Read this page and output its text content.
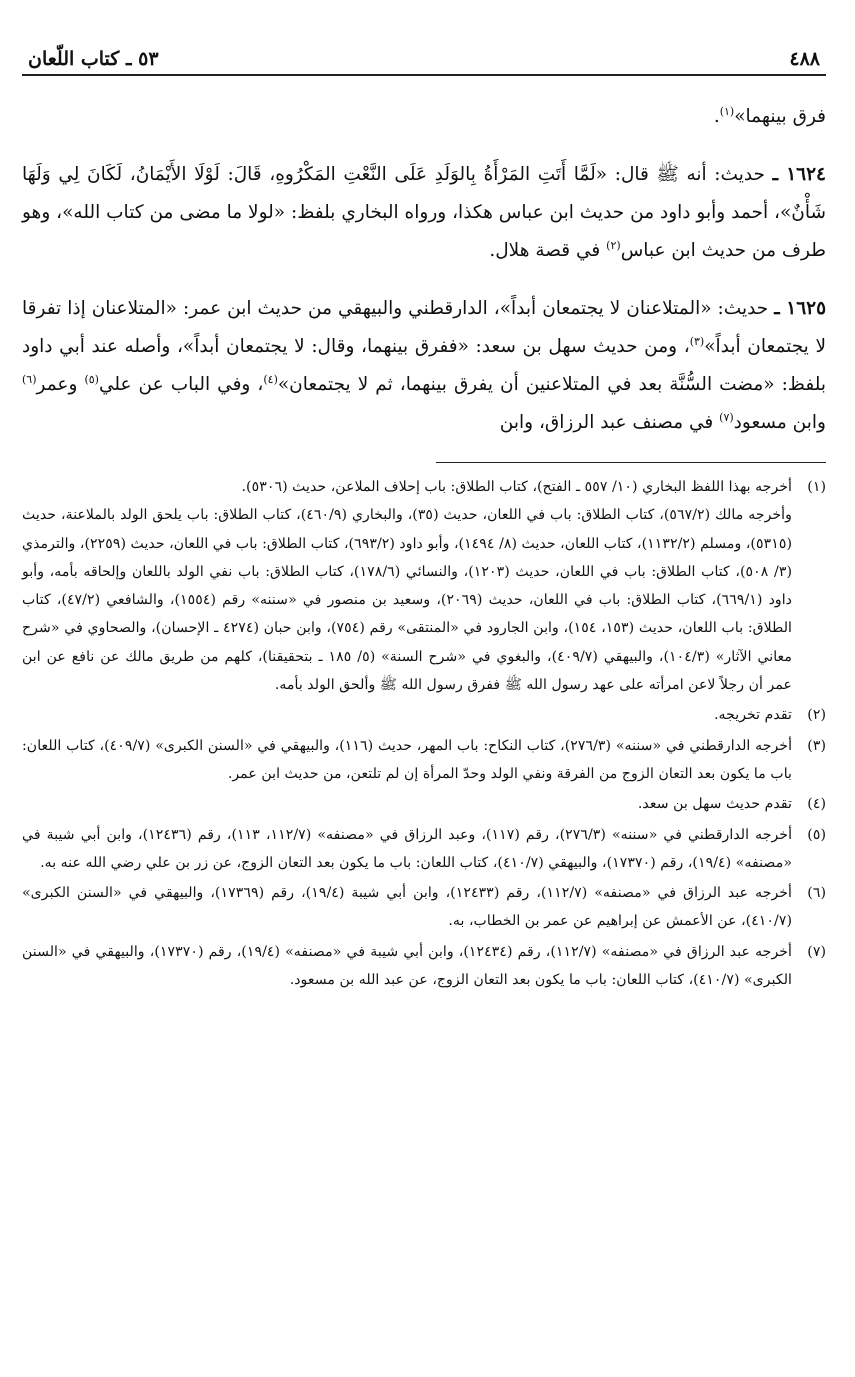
٤٨٨
٥٣ ـ كتاب اللّعان

فرق بينهما»$^{(١)}$.

١٦٢٤ ـ حديث: أنه ﷺ قال: «لَمَّا أَتَتِ المَرْأَةُ بِالوَلَدِ عَلَى النَّعْتِ المَكْرُوهِ، قَالَ: لَوْلَا الأَيْمَانُ، لَكَانَ لِي وَلَهَا شَأْنٌ»، أحمد وأبو داود من حديث ابن عباس هكذا، ورواه البخاري بلفظ: «لولا ما مضى من كتاب الله»، وهو طرف من حديث ابن عباس$^{(٢)}$ في قصة هلال.

١٦٢٥ ـ حديث: «المتلاعنان لا يجتمعان أبداً»، الدارقطني والبيهقي من حديث ابن عمر: «المتلاعنان إذا تفرقا لا يجتمعان أبداً»$^{(٣)}$، ومن حديث سهل بن سعد: «ففرق بينهما، وقال: لا يجتمعان أبداً»، وأصله عند أبي داود بلفظ: «مضت السُّنَّة بعد في المتلاعنين أن يفرق بينهما، ثم لا يجتمعان»$^{(٤)}$، وفي الباب عن علي$^{(٥)}$ وعمر$^{(٦)}$ وابن مسعود$^{(٧)}$ في مصنف عبد الرزاق، وابن

(١)

أخرجه بهذا اللفظ البخاري (١٠/ ٥٥٧ ـ الفتح)، كتاب الطلاق: باب إحلاف الملاعن، حديث (٥٣٠٦).

وأخرجه مالك (٥٦٧/٢)، كتاب الطلاق: باب في اللعان، حديث (٣٥)، والبخاري (٤٦٠/٩)، كتاب الطلاق: باب يلحق الولد بالملاعنة، حديث (٥٣١٥)، ومسلم (١١٣٢/٢)، كتاب اللعان، حديث (٨/ ١٤٩٤)، وأبو داود (٦٩٣/٢)، كتاب الطلاق: باب في اللعان، حديث (٢٢٥٩)، والترمذي (٣/ ٥٠٨)، كتاب الطلاق: باب في اللعان، حديث (١٢٠٣)، والنسائي (١٧٨/٦)، كتاب الطلاق: باب نفي الولد باللعان وإلحاقه بأمه، وأبو داود (٦٦٩/١)، كتاب الطلاق: باب في اللعان، حديث (٢٠٦٩)، وسعيد بن منصور في «سننه» رقم (١٥٥٤)، والشافعي (٤٧/٢)، كتاب الطلاق: باب اللعان، حديث (١٥٣، ١٥٤)، وابن الجارود في «المنتقى» رقم (٧٥٤)، وابن حبان (٤٢٧٤ ـ الإحسان)، والصحاوي في «شرح معاني الآثار» (١٠٤/٣)، والبيهقي (٤٠٩/٧)، والبغوي في «شرح السنة» (٥/ ١٨٥ ـ بتحقيقنا)، كلهم من طريق مالك عن نافع عن ابن عمر أن رجلاً لاعن امرأته على عهد رسول الله ﷺ ففرق رسول الله ﷺ وألحق الولد بأمه.

(٢)

تقدم تخريجه.

(٣)

أخرجه الدارقطني في «سننه» (٢٧٦/٣)، كتاب النكاح: باب المهر، حديث (١١٦)، والبيهقي في «السنن الكبرى» (٤٠٩/٧)، كتاب اللعان: باب ما يكون بعد التعان الزوج من الفرقة ونفي الولد وحدّ المرأة إن لم تلتعن، من حديث ابن عمر.

(٤)

تقدم حديث سهل بن سعد.

(٥)

أخرجه الدارقطني في «سننه» (٢٧٦/٣)، رقم (١١٧)، وعبد الرزاق في «مصنفه» (١١٢/٧، ١١٣)، رقم (١٢٤٣٦)، وابن أبي شيبة في «مصنفه» (١٩/٤)، رقم (١٧٣٧٠)، والبيهقي (٤١٠/٧)، كتاب اللعان: باب ما يكون بعد التعان الزوج، عن زر بن علي رضي الله عنه به.

(٦)

أخرجه عبد الرزاق في «مصنفه» (١١٢/٧)، رقم (١٢٤٣٣)، وابن أبي شيبة (١٩/٤)، رقم (١٧٣٦٩)، والبيهقي في «السنن الكبرى» (٤١٠/٧)، عن الأعمش عن إبراهيم عن عمر بن الخطاب، به.

(٧)

أخرجه عبد الرزاق في «مصنفه» (١١٢/٧)، رقم (١٢٤٣٤)، وابن أبي شيبة في «مصنفه» (١٩/٤)، رقم (١٧٣٧٠)، والبيهقي في «السنن الكبرى» (٤١٠/٧)، كتاب اللعان: باب ما يكون بعد التعان الزوج، عن عبد الله بن مسعود.
